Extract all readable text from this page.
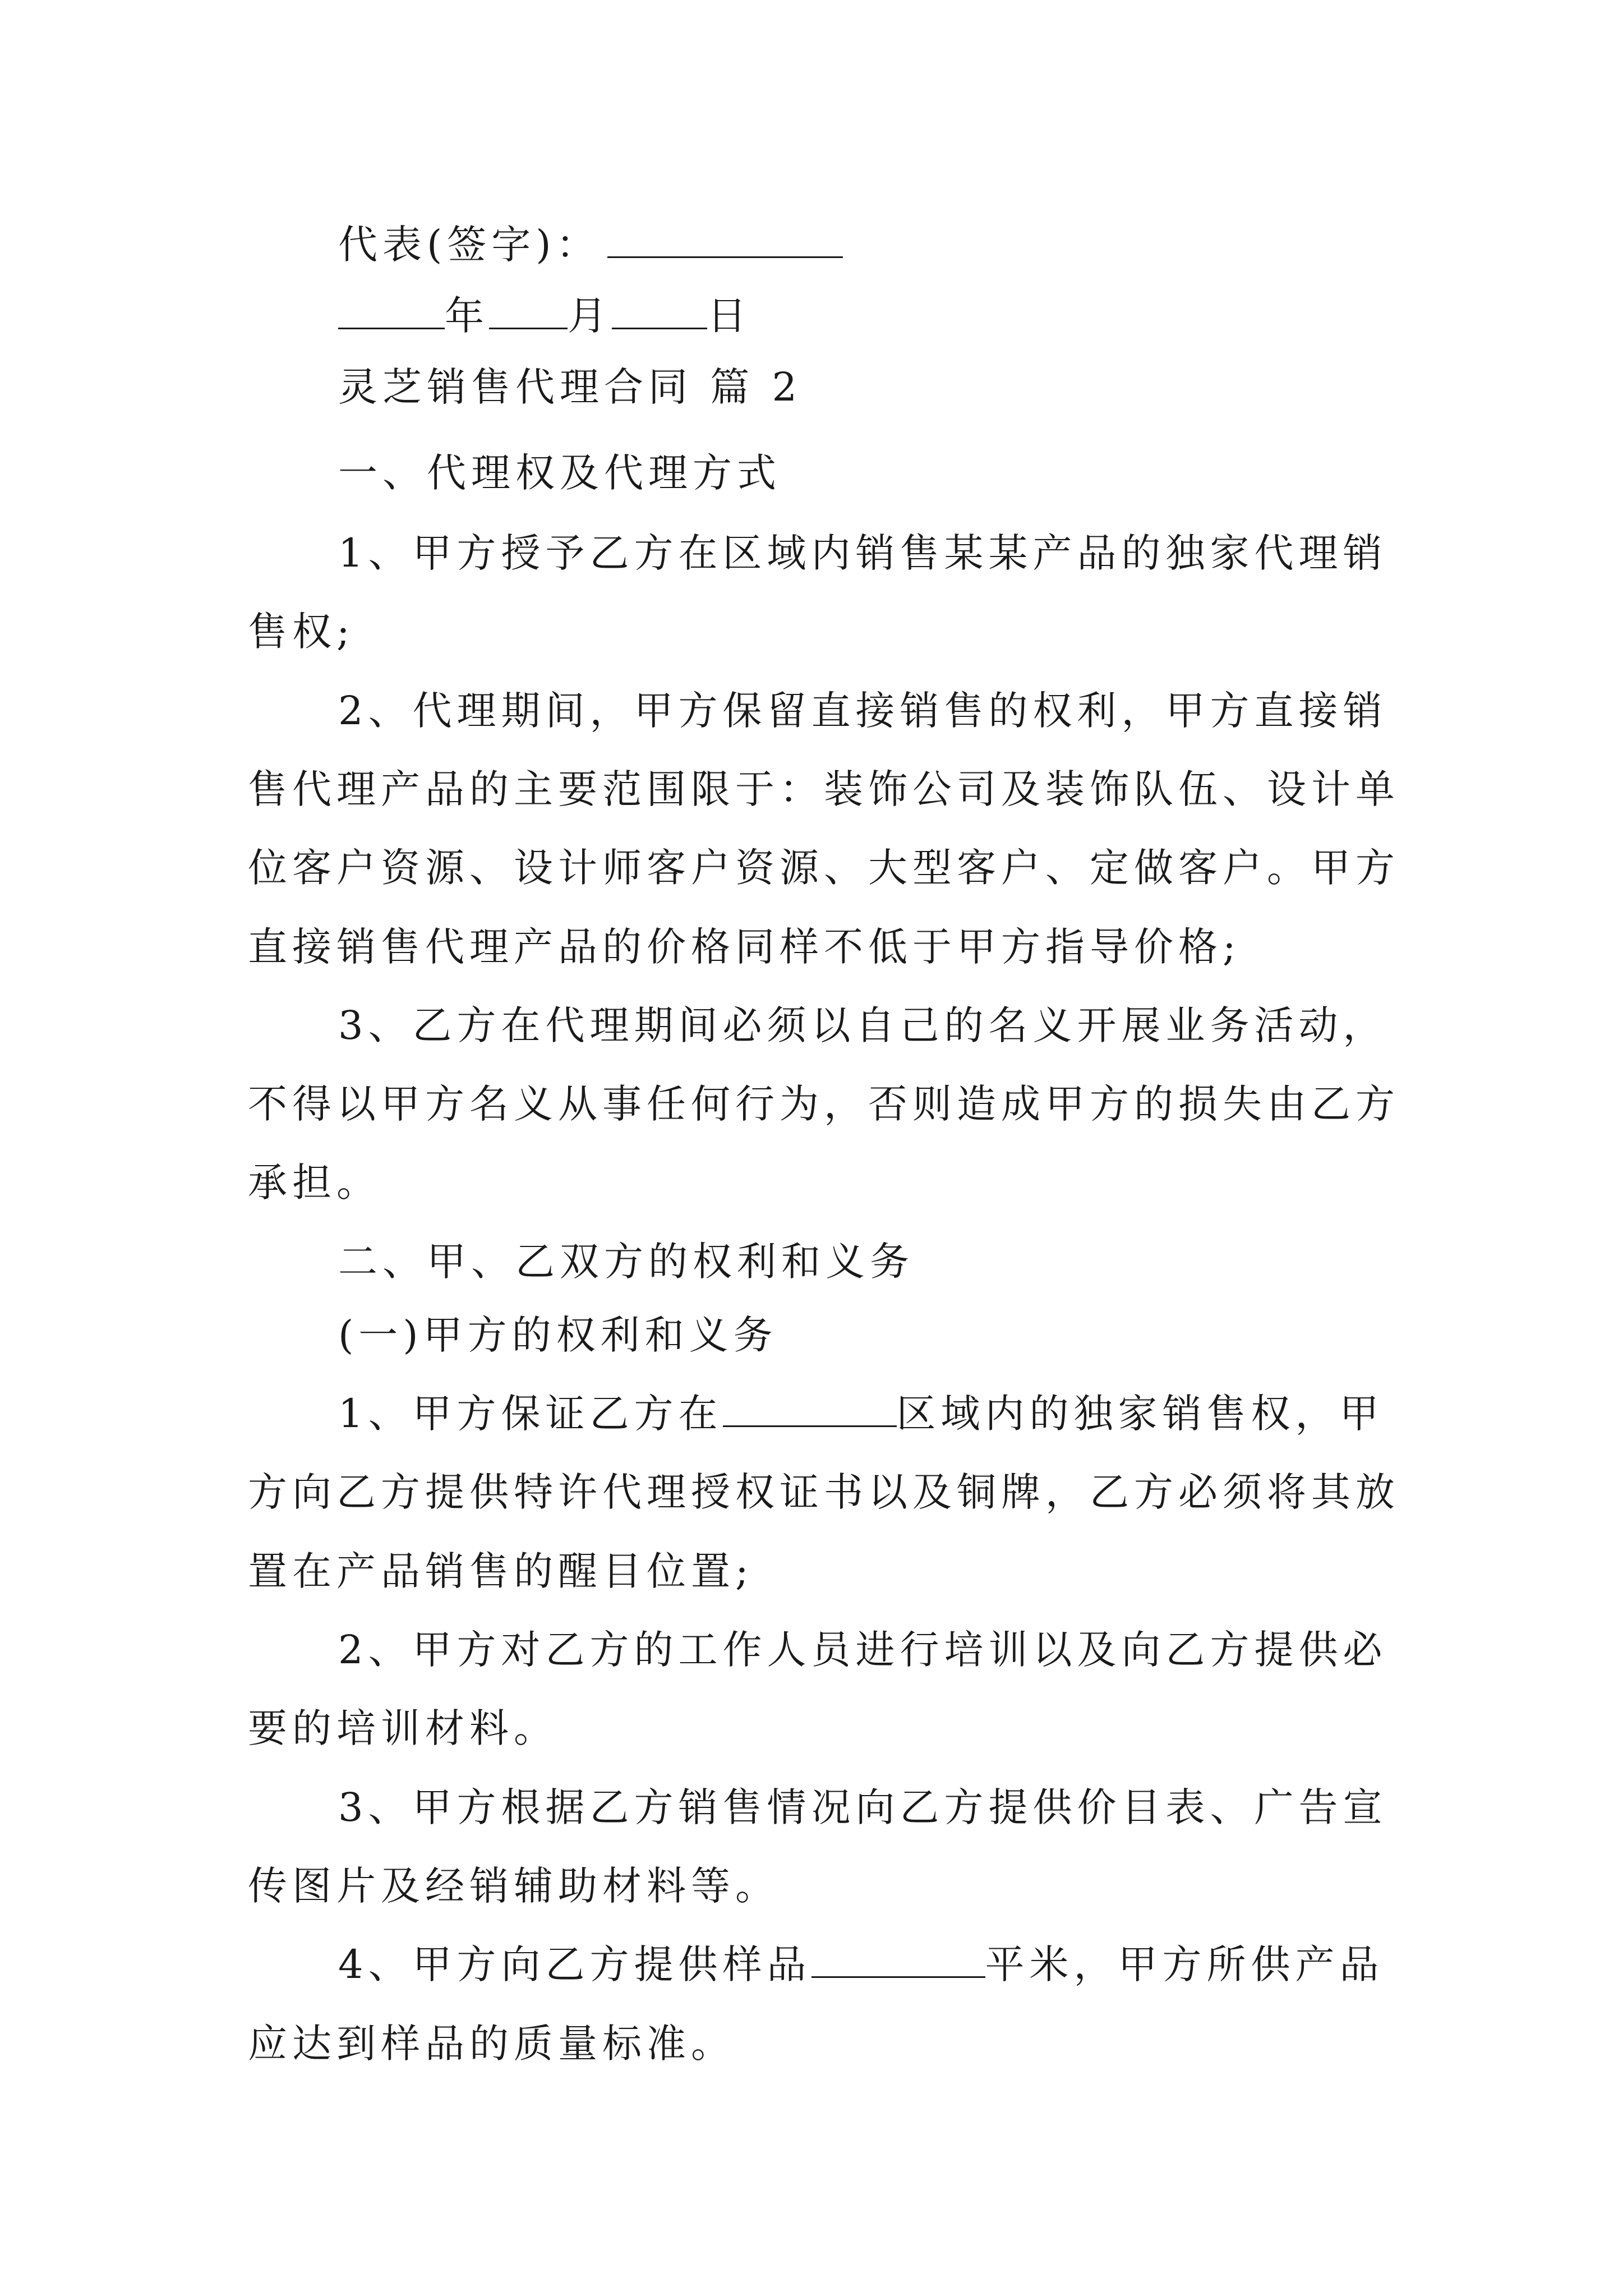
代表(签字)：
年 月 日
灵芝销售代理合同 篇 2
一、代理权及代理方式
1、甲方授予乙方在区域内销售某某产品的独家代理销
售权;
2、代理期间，甲方保留直接销售的权利，甲方直接销
售代理产品的主要范围限于：装饰公司及装饰队伍、设计单
位客户资源、设计师客户资源、大型客户、定做客户。甲方
直接销售代理产品的价格同样不低于甲方指导价格;
3、乙方在代理期间必须以自己的名义开展业务活动，
不得以甲方名义从事任何行为，否则造成甲方的损失由乙方
承担。
二、甲、乙双方的权利和义务
(一)甲方的权利和义务
1、甲方保证乙方在	区域内的独家销售权，甲
方向乙方提供特许代理授权证书以及铜牌，乙方必须将其放
置在产品销售的醒目位置;
2、甲方对乙方的工作人员进行培训以及向乙方提供必
要的培训材料。
3、甲方根据乙方销售情况向乙方提供价目表、广告宣
传图片及经销辅助材料等。
4、甲方向乙方提供样品	平米，甲方所供产品
应达到样品的质量标准。
